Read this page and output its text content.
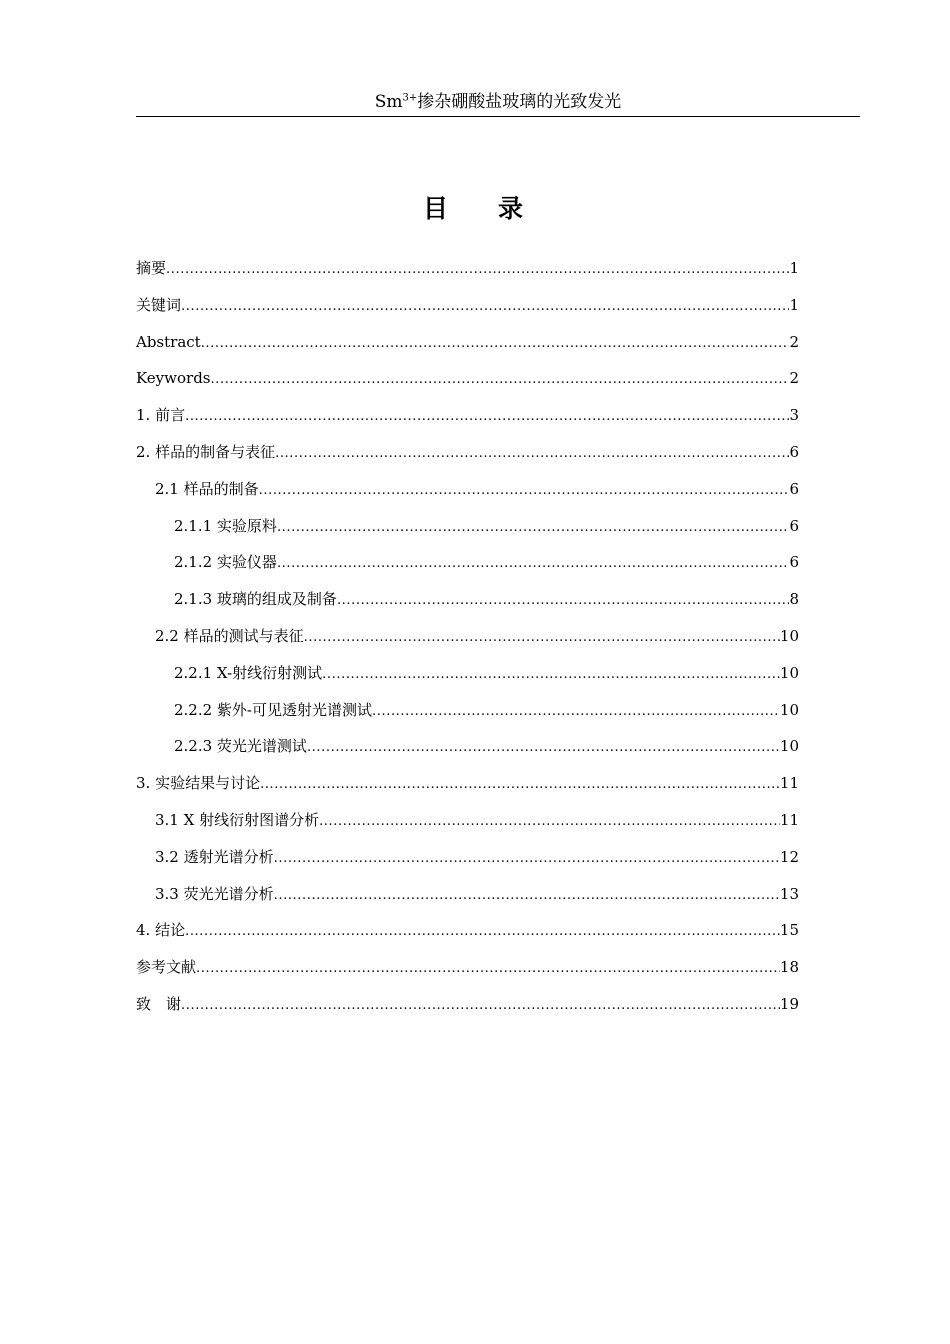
$Sm^{3+}$掺杂硼酸盐玻璃的光致发光
目录
摘要 .....	1
关键词 .....	1
Abstract .....	2
Keywords .....	2
1. 前言 .....	3
2. 样品的制备与表征 .....	6
2.1 样品的制备 .....	6
2.1.1 实验原料 .....	6
2.1.2 实验仪器 .....	6
2.1.3 玻璃的组成及制备 .....	8
2.2 样品的测试与表征 .....	10
2.2.1 X-射线衍射测试 .....	10
2.2.2 紫外-可见透射光谱测试 .....	10
2.2.3 荧光光谱测试 .....	10
3. 实验结果与讨论 .....	11
3.1 X 射线衍射图谱分析 .....	11
3.2 透射光谱分析 .....	12
3.3 荧光光谱分析 .....	13
4. 结论 .....	15
参考文献 .....	18
致　谢 .....	19
